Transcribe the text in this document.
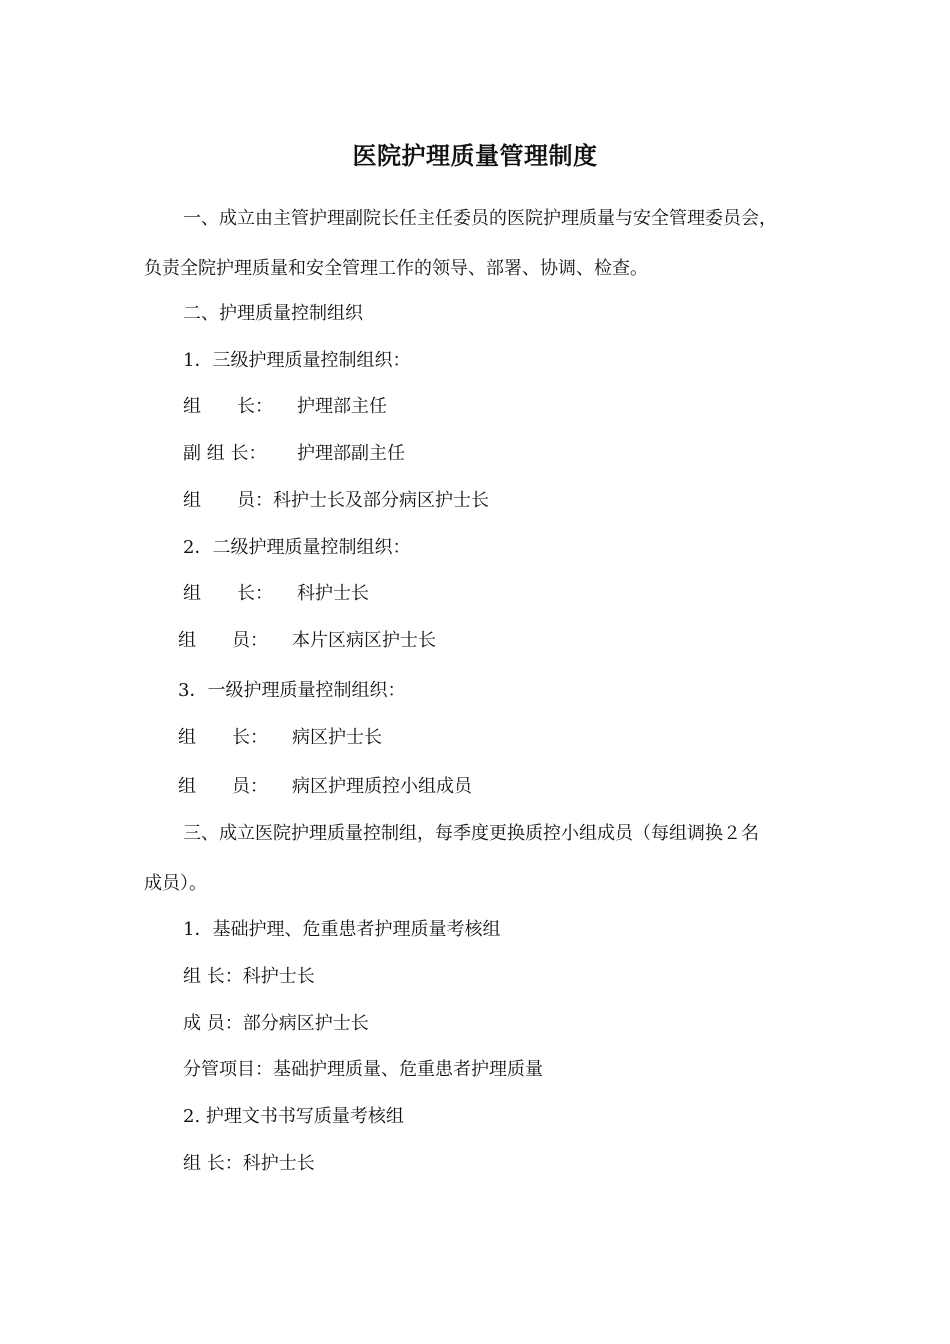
医院护理质量管理制度
一、成立由主管护理副院长任主任委员的医院护理质量与安全管理委员会，
负责全院护理质量和安全管理工作的领导、部署、协调、检查。
二、护理质量控制组织
1．三级护理质量控制组织：

组　　长：

护理部主任

副 组 长：

护理部副主任

组　　员：科护士长及部分病区护士长
2．二级护理质量控制组织：

组　　长：

科护士长

组　　员：

本片区病区护士长

3．一级护理质量控制组织：

组　　长：

病区护士长

组　　员：

病区护理质控小组成员

三、成立医院护理质量控制组，每季度更换质控小组成员（每组调换２名
成员）。
1．基础护理、危重患者护理质量考核组
组 长：科护士长
成 员：部分病区护士长
分管项目：基础护理质量、危重患者护理质量
2. 护理文书书写质量考核组
组 长：科护士长
